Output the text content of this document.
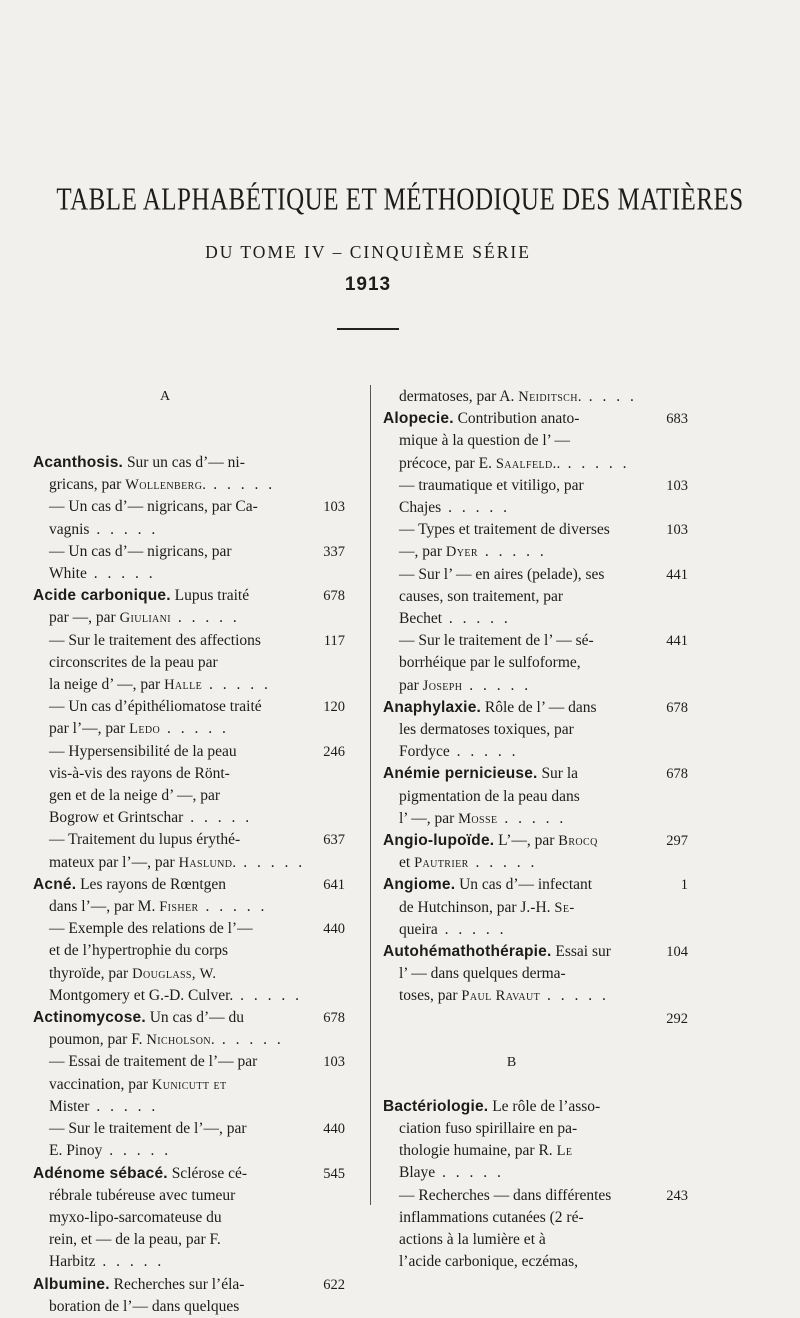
TABLE ALPHABÉTIQUE ET MÉTHODIQUE DES MATIÈRES
DU TOME IV – CINQUIÈME SÉRIE
1913
A
Acanthosis. Sur un cas d’— ni-
gricans, par Wollenberg. . . . . .
103
— Un cas d’— nigricans, par Ca-
vagnis . . . . .
337
— Un cas d’— nigricans, par
White . . . . .
678
Acide carbonique. Lupus traité
par —, par Giuliani . . . . .
117
— Sur le traitement des affections
circonscrites de la peau par
la neige d’ —, par Halle . . . . .
120
— Un cas d’épithéliomatose traité
par l’—, par Ledo . . . . .
246
— Hypersensibilité de la peau
vis-à-vis des rayons de Rönt-
gen et de la neige d’ —, par
Bogrow et Grintschar . . . . .
637
— Traitement du lupus érythé-
mateux par l’—, par Haslund. . . . . .
641
Acné. Les rayons de Rœntgen
dans l’—, par M. Fisher . . . . .
440
— Exemple des relations de l’—
et de l’hypertrophie du corps
thyroïde, par Douglass, W.
Montgomery et G.-D. Culver. . . . . .
678
Actinomycose. Un cas d’— du
poumon, par F. Nicholson. . . . . .
103
— Essai de traitement de l’— par
vaccination, par Kunicutt et
Mister . . . . .
440
— Sur le traitement de l’—, par
E. Pinoy . . . . .
545
Adénome sébacé. Sclérose cé-
rébrale tubéreuse avec tumeur
myxo-lipo-sarcomateuse du
rein, et — de la peau, par F.
Harbitz . . . . .
622
Albumine. Recherches sur l’éla-
boration de l’— dans quelques
dermatoses, par A. Neiditsch. . . . .
683
Alopecie. Contribution anato-
mique à la question de l’ —
précoce, par E. Saalfeld.. . . . . .
103
— traumatique et vitiligo, par
Chajes . . . . .
103
— Types et traitement de diverses
—, par Dyer . . . . .
441
— Sur l’ — en aires (pelade), ses
causes, son traitement, par
Bechet . . . . .
441
— Sur le traitement de l’ — sé-
borrhéique par le sulfoforme,
par Joseph . . . . .
678
Anaphylaxie. Rôle de l’ — dans
les dermatoses toxiques, par
Fordyce . . . . .
678
Anémie pernicieuse. Sur la
pigmentation de la peau dans
l’ —, par Mosse . . . . .
297
Angio-lupoïde. L’—, par Brocq
et Pautrier . . . . .
1
Angiome. Un cas d’— infectant
de Hutchinson, par J.-H. Se-
queira . . . . .
104
Autohémathothérapie. Essai sur
l’ — dans quelques derma-
toses, par Paul Ravaut . . . . .
292
B
Bactériologie. Le rôle de l’asso-
ciation fuso spirillaire en pa-
thologie humaine, par R. Le
Blaye . . . . .
243
— Recherches — dans différentes
inflammations cutanées (2 ré-
actions à la lumière et à
l’acide carbonique, eczémas,
